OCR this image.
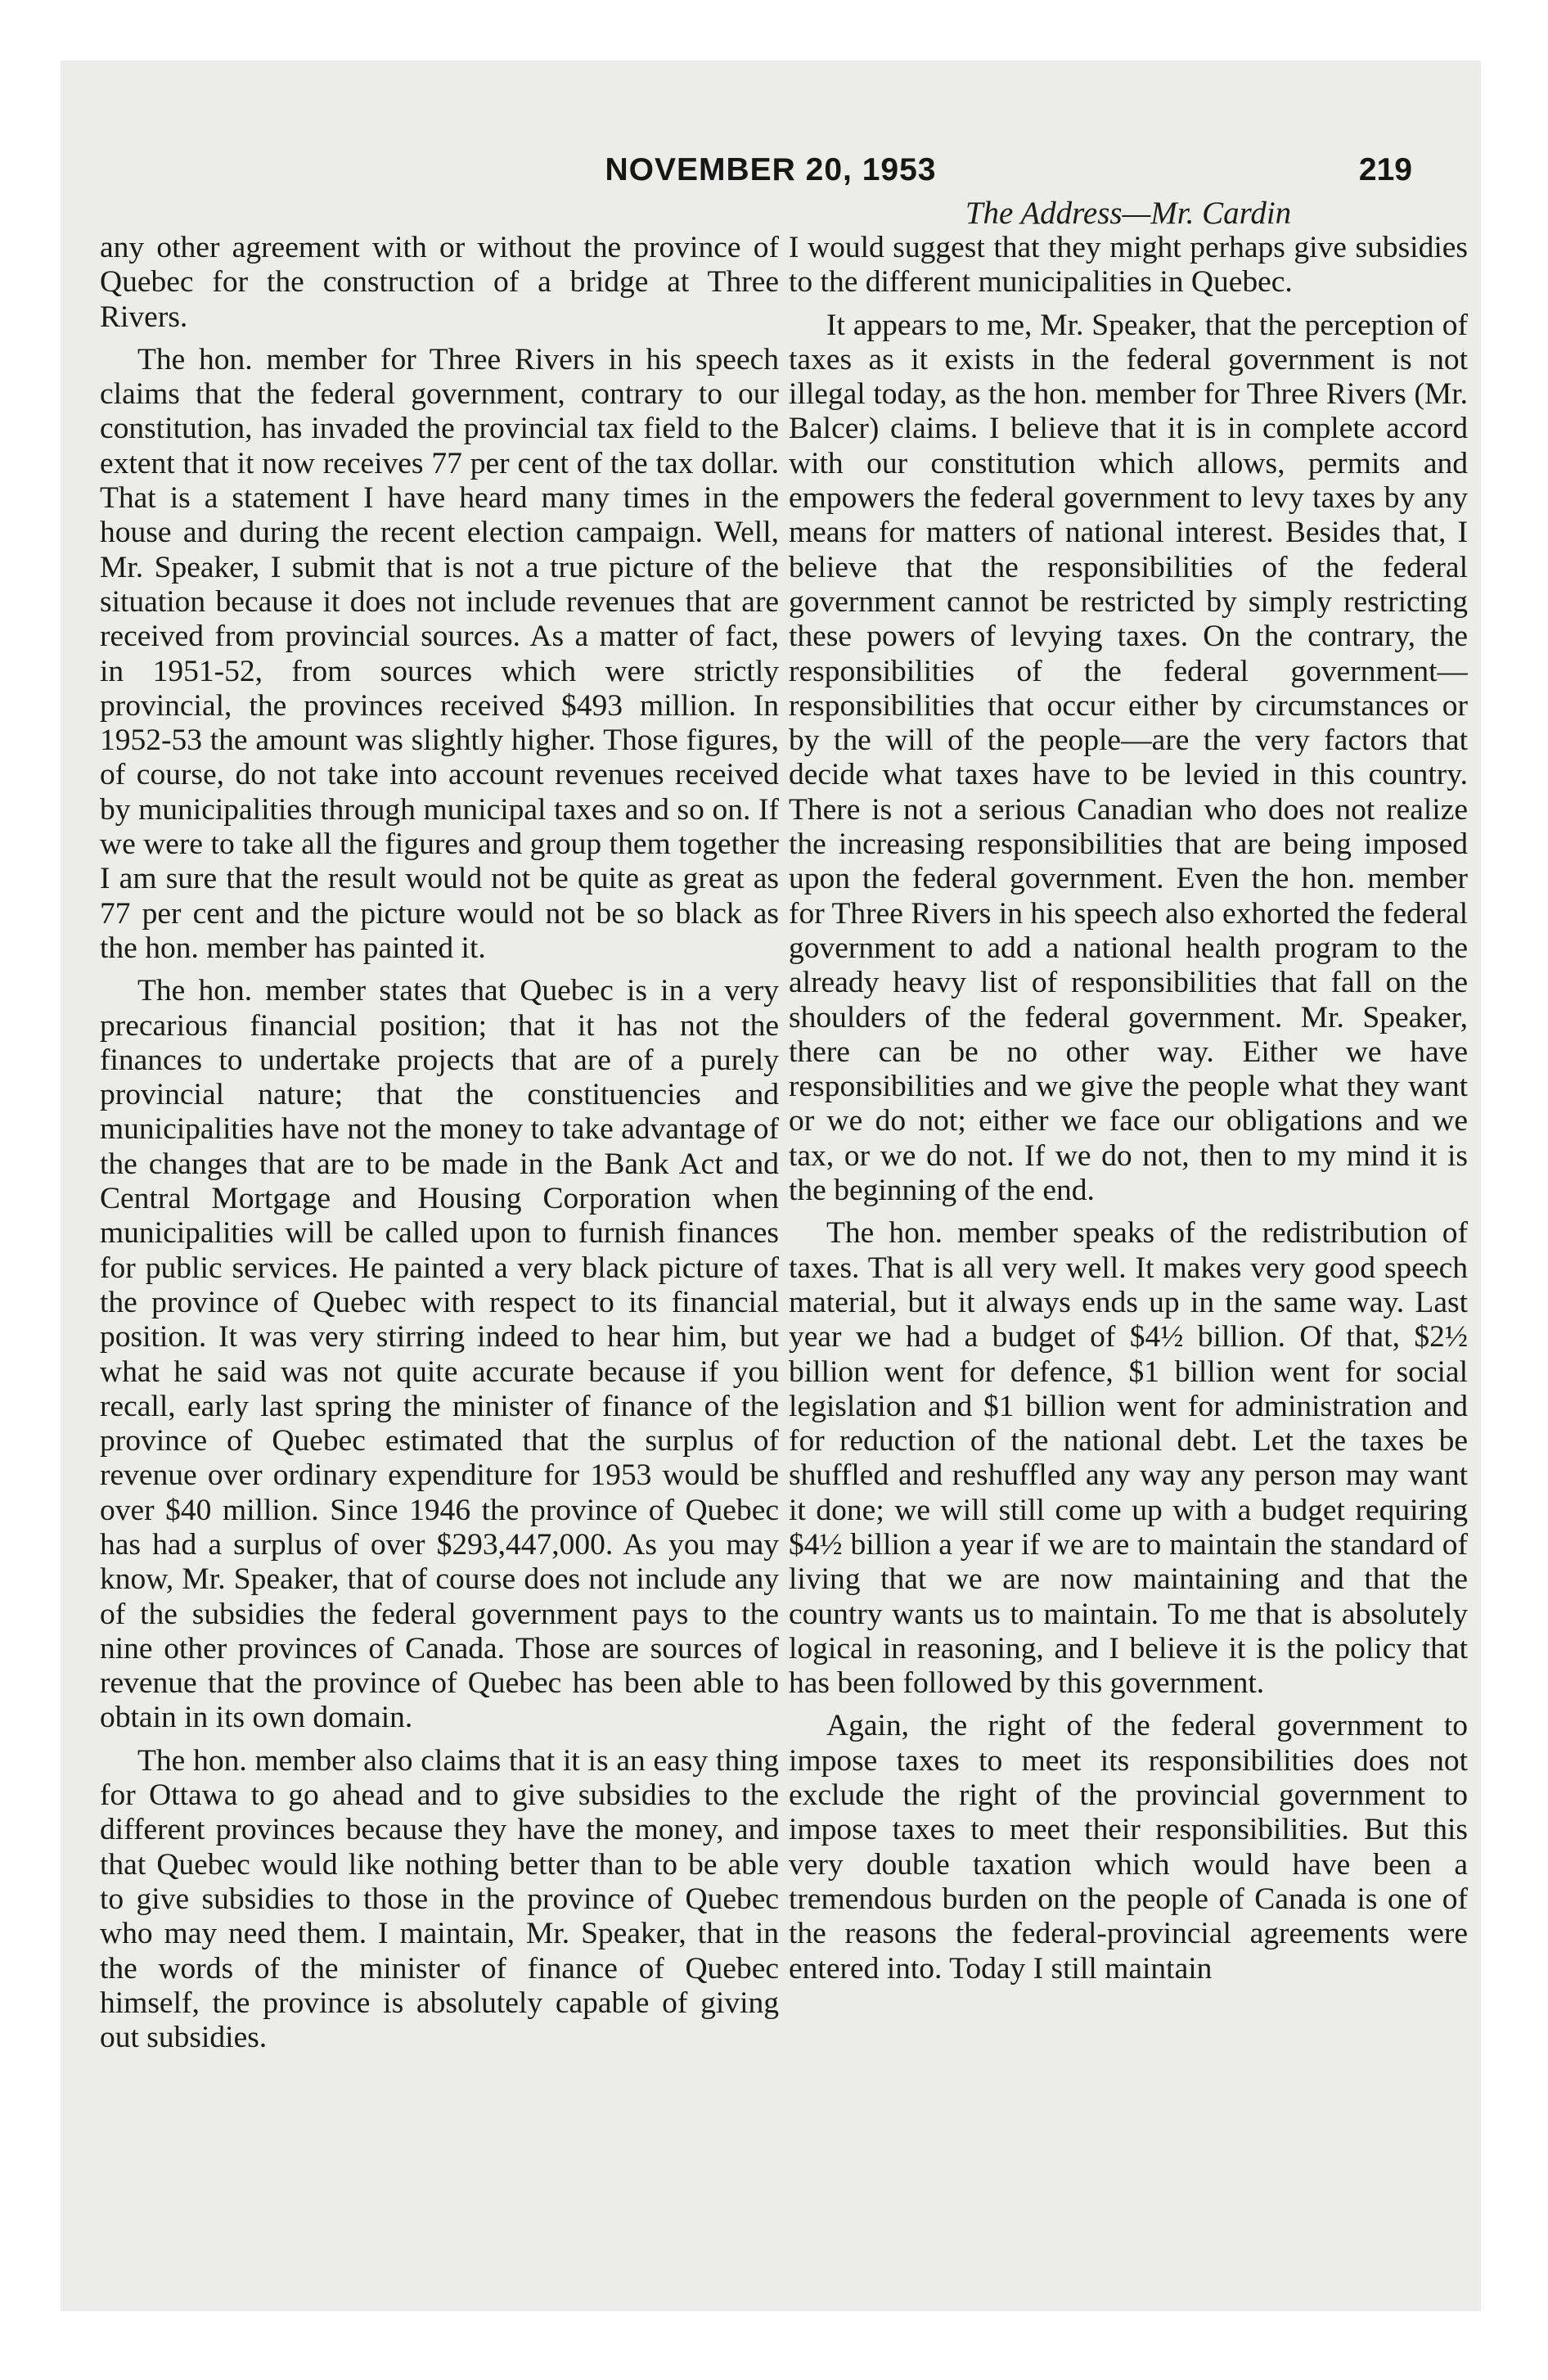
NOVEMBER 20, 1953	219
The Address—Mr. Cardin

any other agreement with or without the province of Quebec for the construction of a bridge at Three Rivers.

The hon. member for Three Rivers in his speech claims that the federal government, contrary to our constitution, has invaded the provincial tax field to the extent that it now receives 77 per cent of the tax dollar. That is a statement I have heard many times in the house and during the recent election campaign. Well, Mr. Speaker, I submit that is not a true picture of the situation because it does not include revenues that are received from provincial sources. As a matter of fact, in 1951-52, from sources which were strictly provincial, the provinces received $493 million. In 1952-53 the amount was slightly higher. Those figures, of course, do not take into account revenues received by municipalities through municipal taxes and so on. If we were to take all the figures and group them together I am sure that the result would not be quite as great as 77 per cent and the picture would not be so black as the hon. member has painted it.

The hon. member states that Quebec is in a very precarious financial position; that it has not the finances to undertake projects that are of a purely provincial nature; that the constituencies and municipalities have not the money to take advantage of the changes that are to be made in the Bank Act and Central Mortgage and Housing Corporation when municipalities will be called upon to furnish finances for public services. He painted a very black picture of the province of Quebec with respect to its financial position. It was very stirring indeed to hear him, but what he said was not quite accurate because if you recall, early last spring the minister of finance of the province of Quebec estimated that the surplus of revenue over ordinary expenditure for 1953 would be over $40 million. Since 1946 the province of Quebec has had a surplus of over $293,447,000. As you may know, Mr. Speaker, that of course does not include any of the subsidies the federal government pays to the nine other provinces of Canada. Those are sources of revenue that the province of Quebec has been able to obtain in its own domain.

The hon. member also claims that it is an easy thing for Ottawa to go ahead and to give subsidies to the different provinces because they have the money, and that Quebec would like nothing better than to be able to give subsidies to those in the province of Quebec who may need them. I maintain, Mr. Speaker, that in the words of the minister of finance of Quebec himself, the province is absolutely capable of giving out subsidies.

I would suggest that they might perhaps give subsidies to the different municipalities in Quebec.

It appears to me, Mr. Speaker, that the perception of taxes as it exists in the federal government is not illegal today, as the hon. member for Three Rivers (Mr. Balcer) claims. I believe that it is in complete accord with our constitution which allows, permits and empowers the federal government to levy taxes by any means for matters of national interest. Besides that, I believe that the responsibilities of the federal government cannot be restricted by simply restricting these powers of levying taxes. On the contrary, the responsibilities of the federal government—responsibilities that occur either by circumstances or by the will of the people—are the very factors that decide what taxes have to be levied in this country. There is not a serious Canadian who does not realize the increasing responsibilities that are being imposed upon the federal government. Even the hon. member for Three Rivers in his speech also exhorted the federal government to add a national health program to the already heavy list of responsibilities that fall on the shoulders of the federal government. Mr. Speaker, there can be no other way. Either we have responsibilities and we give the people what they want or we do not; either we face our obligations and we tax, or we do not. If we do not, then to my mind it is the beginning of the end.

The hon. member speaks of the redistribution of taxes. That is all very well. It makes very good speech material, but it always ends up in the same way. Last year we had a budget of $4½ billion. Of that, $2½ billion went for defence, $1 billion went for social legislation and $1 billion went for administration and for reduction of the national debt. Let the taxes be shuffled and reshuffled any way any person may want it done; we will still come up with a budget requiring $4½ billion a year if we are to maintain the standard of living that we are now maintaining and that the country wants us to maintain. To me that is absolutely logical in reasoning, and I believe it is the policy that has been followed by this government.

Again, the right of the federal government to impose taxes to meet its responsibilities does not exclude the right of the provincial government to impose taxes to meet their responsibilities. But this very double taxation which would have been a tremendous burden on the people of Canada is one of the reasons the federal-provincial agreements were entered into. Today I still maintain
